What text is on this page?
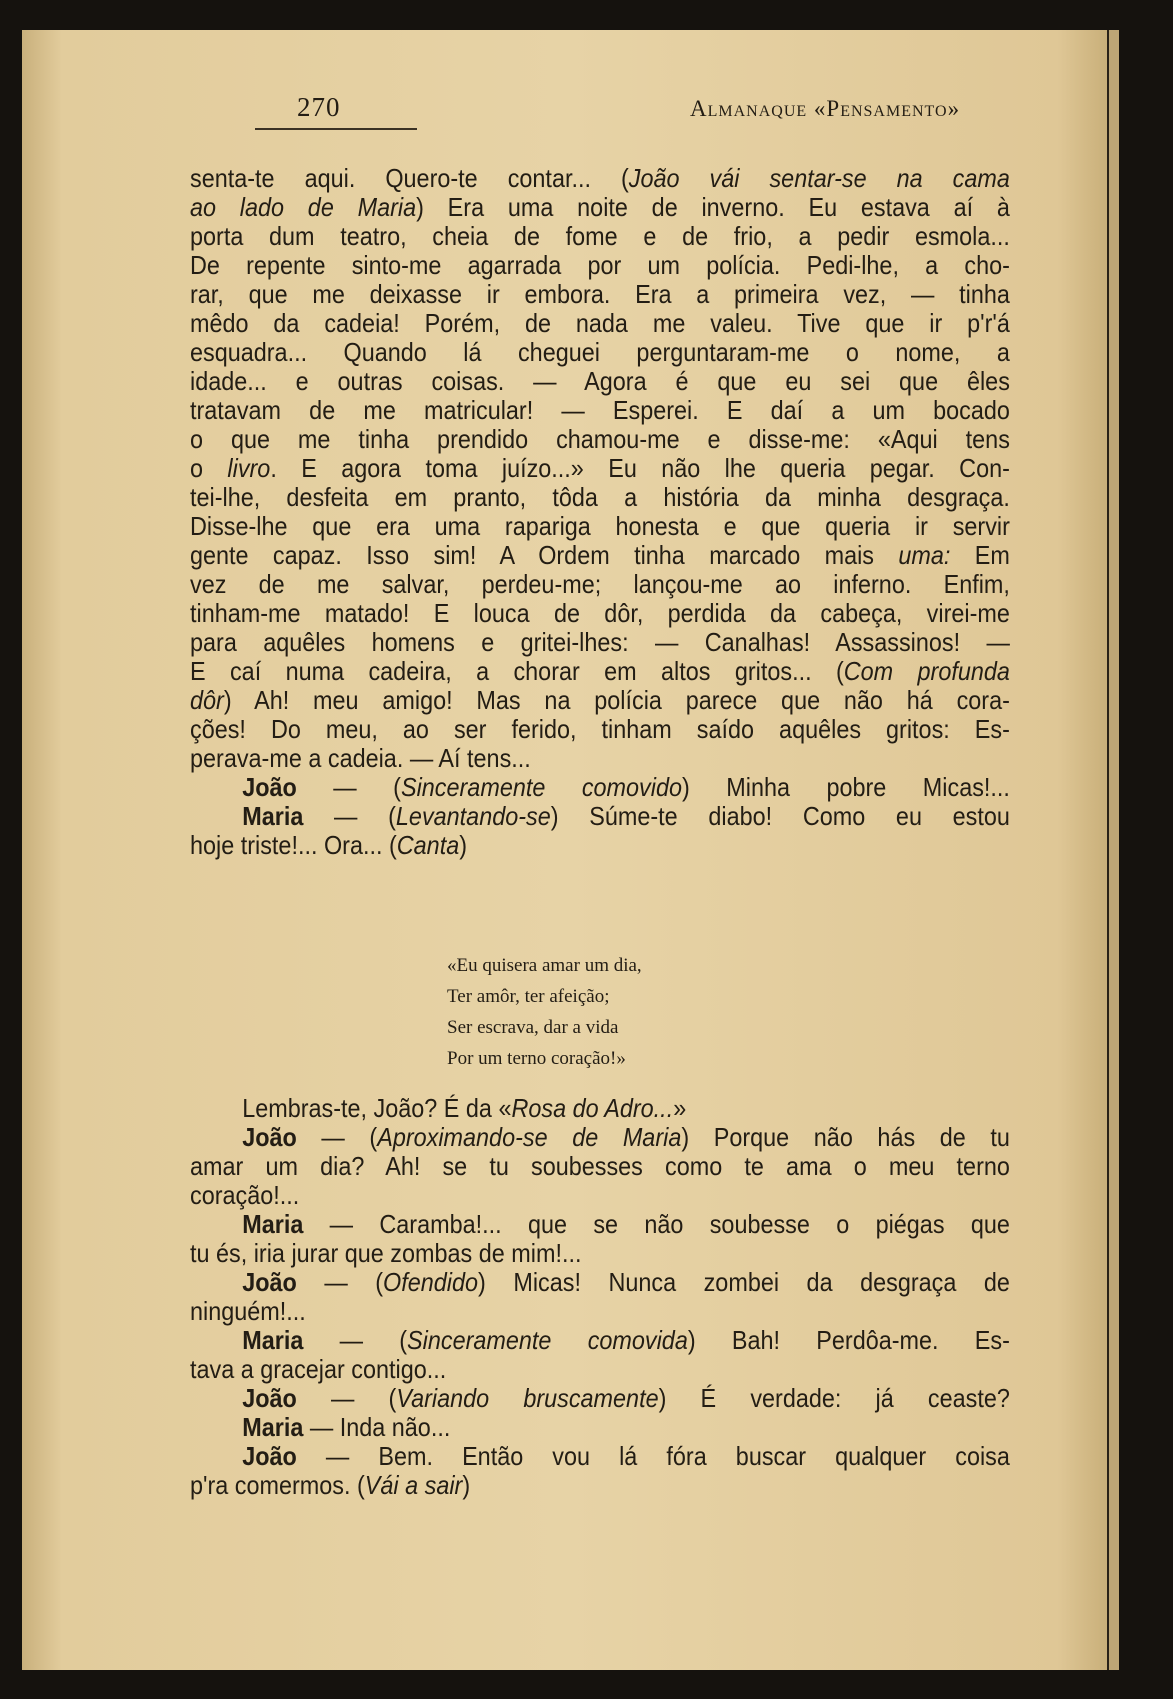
270	Almanaque «Pensamento»
senta-te aqui. Quero-te contar... (João vái sentar-se na cama
ao lado de Maria) Era uma noite de inverno. Eu estava aí à
porta dum teatro, cheia de fome e de frio, a pedir esmola...
De repente sinto-me agarrada por um polícia. Pedi-lhe, a cho-
rar, que me deixasse ir embora. Era a primeira vez, — tinha
mêdo da cadeia! Porém, de nada me valeu. Tive que ir p'r'á
esquadra... Quando lá cheguei perguntaram-me o nome, a
idade... e outras coisas. — Agora é que eu sei que êles
tratavam de me matricular! — Esperei. E daí a um bocado
o que me tinha prendido chamou-me e disse-me: «Aqui tens
o livro. E agora toma juízo...» Eu não lhe queria pegar. Con-
tei-lhe, desfeita em pranto, tôda a história da minha desgraça.
Disse-lhe que era uma rapariga honesta e que queria ir servir
gente capaz. Isso sim! A Ordem tinha marcado mais uma: Em
vez de me salvar, perdeu-me; lançou-me ao inferno. Enfim,
tinham-me matado! E louca de dôr, perdida da cabeça, virei-me
para aquêles homens e gritei-lhes: — Canalhas! Assassinos! —
E caí numa cadeira, a chorar em altos gritos... (Com profunda
dôr) Ah! meu amigo! Mas na polícia parece que não há cora-
ções! Do meu, ao ser ferido, tinham saído aquêles gritos: Es-
perava-me a cadeia. — Aí tens...
João — (Sinceramente comovido) Minha pobre Micas!...
Maria — (Levantando-se) Súme-te diabo! Como eu estou
hoje triste!... Ora... (Canta)
«Eu quisera amar um dia,
Ter amôr, ter afeição;
Ser escrava, dar a vida
Por um terno coração!»
Lembras-te, João? É da «Rosa do Adro...»
João — (Aproximando-se de Maria) Porque não hás de tu
amar um dia? Ah! se tu soubesses como te ama o meu terno
coração!...
Maria — Caramba!... que se não soubesse o piégas que
tu és, iria jurar que zombas de mim!...
João — (Ofendido) Micas! Nunca zombei da desgraça de
ninguém!...
Maria — (Sinceramente comovida) Bah! Perdôa-me. Es-
tava a gracejar contigo...
João — (Variando bruscamente) É verdade: já ceaste?
Maria — Inda não...
João — Bem. Então vou lá fóra buscar qualquer coisa
p'ra comermos. (Vái a sair)
